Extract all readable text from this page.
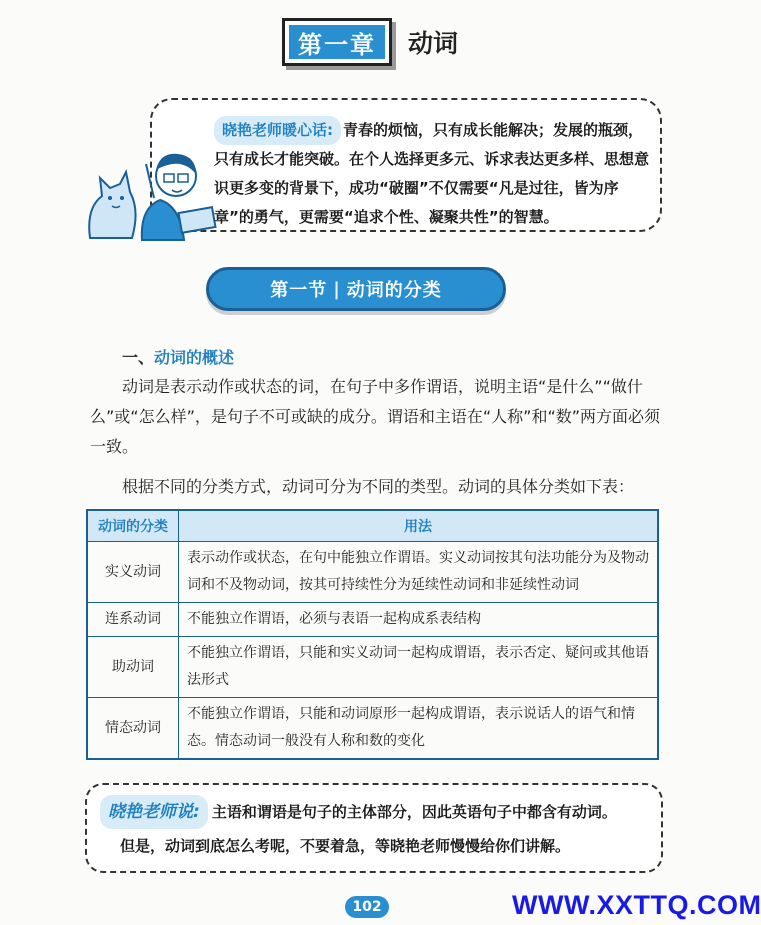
第一章	动词
晓艳老师暖心话: 青春的烦恼，只有成长能解决；发展的瓶颈，只有成长才能突破。在个人选择更多元、诉求表达更多样、思想意识更多变的背景下，成功“破圈”不仅需要“凡是过往，皆为序章”的勇气，更需要“追求个性、凝聚共性”的智慧。
第一节 | 动词的分类
一、动词的概述
动词是表示动作或状态的词，在句子中多作谓语，说明主语“是什么”“做什么”或“怎么样”，是句子不可或缺的成分。谓语和主语在“人称”和“数”两方面必须一致。
根据不同的分类方式，动词可分为不同的类型。动词的具体分类如下表：
动词的分类	用法
实义动词	表示动作或状态，在句中能独立作谓语。实义动词按其句法功能分为及物动词和不及物动词，按其可持续性分为延续性动词和非延续性动词
连系动词	不能独立作谓语，必须与表语一起构成系表结构
助动词	不能独立作谓语，只能和实义动词一起构成谓语，表示否定、疑问或其他语法形式
情态动词	不能独立作谓语，只能和动词原形一起构成谓语，表示说话人的语气和情态。情态动词一般没有人称和数的变化
晓艳老师说: 主语和谓语是句子的主体部分，因此英语句子中都含有动词。
但是，动词到底怎么考呢，不要着急，等晓艳老师慢慢给你们讲解。
102	WWW.XXTTQ.COM
